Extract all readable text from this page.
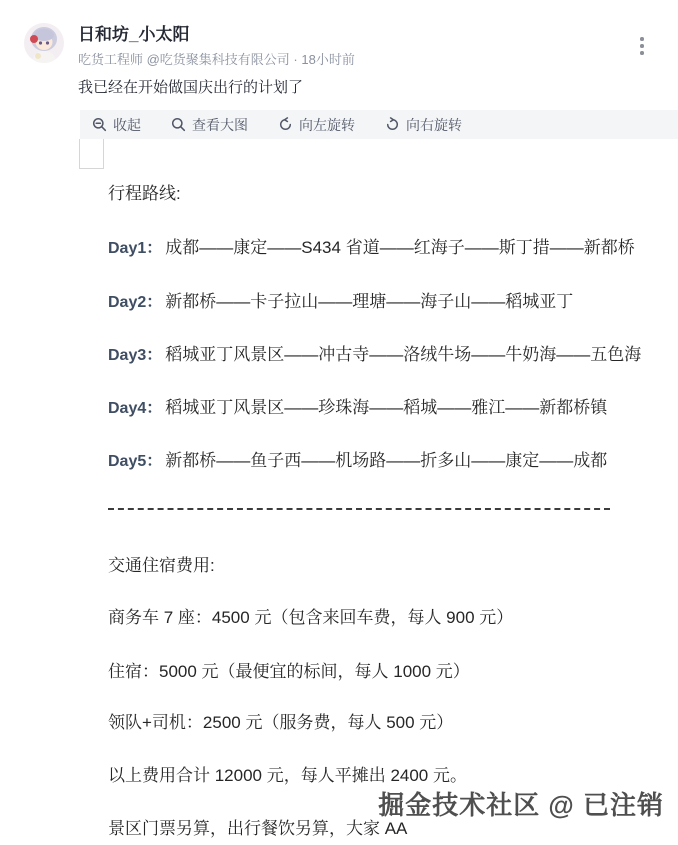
日和坊_小太阳
吃货工程师 @吃货聚集科技有限公司 · 18小时前
我已经在开始做国庆出行的计划了
收起	查看大图	向左旋转	向右旋转
行程路线:
Day1： 成都——康定——S434 省道——红海子——斯丁措——新都桥
Day2： 新都桥——卡子拉山——理塘——海子山——稻城亚丁
Day3： 稻城亚丁风景区——冲古寺——洛绒牛场——牛奶海——五色海
Day4： 稻城亚丁风景区——珍珠海——稻城——雅江——新都桥镇
Day5： 新都桥——鱼子西——机场路——折多山——康定——成都
交通住宿费用:
商务车 7 座：4500 元（包含来回车费，每人 900 元）
住宿：5000 元（最便宜的标间，每人 1000 元）
领队+司机：2500 元（服务费，每人 500 元）
以上费用合计 12000 元，每人平摊出 2400 元。
景区门票另算，出行餐饮另算，大家 AA
掘金技术社区 @ 已注销
